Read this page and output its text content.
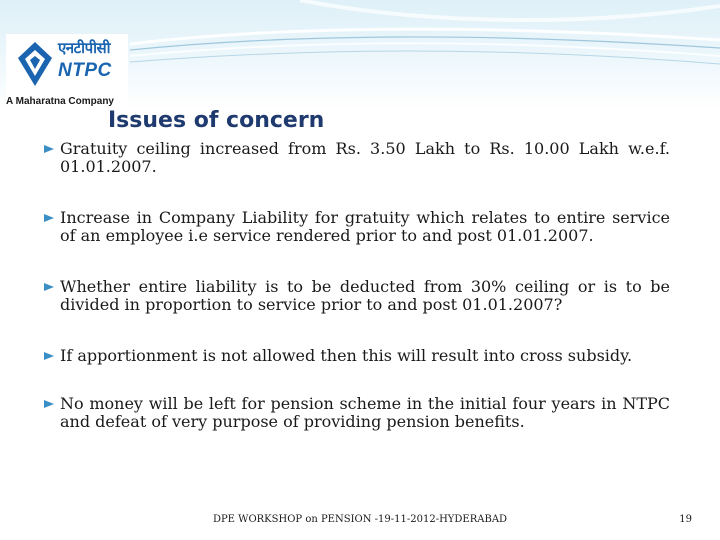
एनटीपीसी
NTPC
A Maharatna Company
Issues of concern
Gratuity ceiling increased from Rs. 3.50 Lakh to Rs. 10.00 Lakh w.e.f. 01.01.2007.
Increase in Company Liability for gratuity which relates to entire service of an employee i.e service rendered prior to and post 01.01.2007.
Whether entire liability is to be deducted from 30% ceiling or is to be divided in proportion to service prior to and post 01.01.2007?
If apportionment is not allowed then this will result into cross subsidy.
No money will be left for pension scheme in the initial four years in NTPC and defeat of very purpose of providing pension benefits.
DPE WORKSHOP on PENSION -19-11-2012-HYDERABAD	19
